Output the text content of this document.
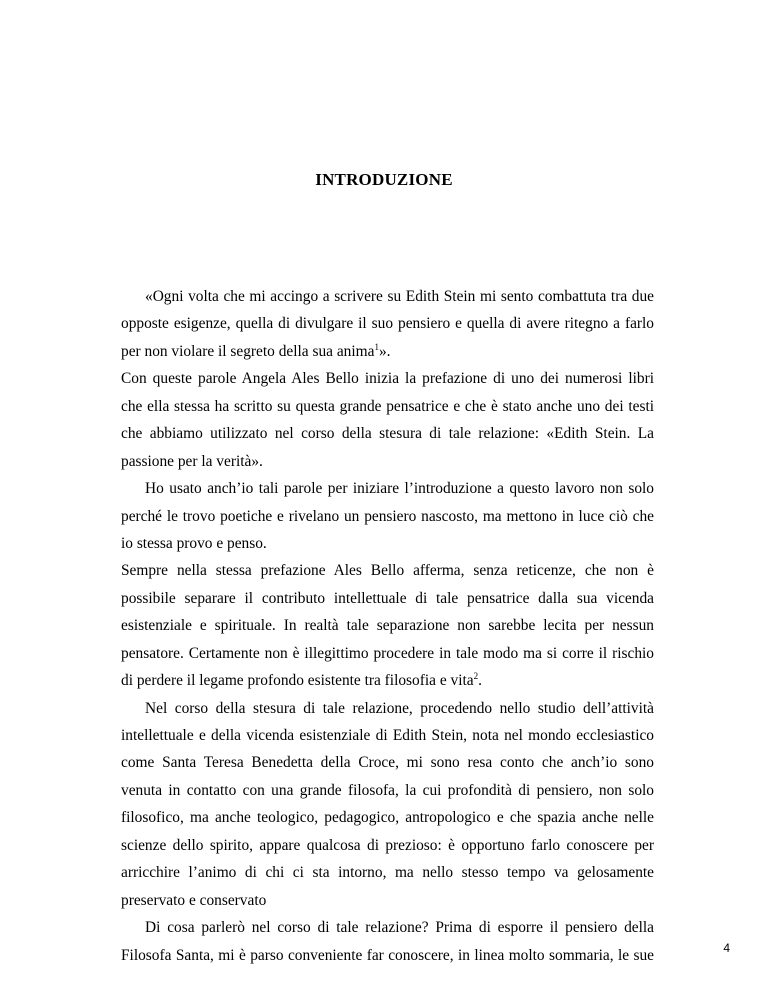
INTRODUZIONE
«Ogni volta che mi accingo a scrivere su Edith Stein mi sento combattuta tra due
opposte esigenze, quella di divulgare il suo pensiero e quella di avere ritegno a farlo
per non violare il segreto della sua anima$^1$».
Con queste parole Angela Ales Bello inizia la prefazione di uno dei numerosi libri
che ella stessa ha scritto su questa grande pensatrice e che è stato anche uno dei testi
che abbiamo utilizzato nel corso della stesura di tale relazione: «Edith Stein. La
passione per la verità».
Ho usato anch’io tali parole per iniziare l’introduzione a questo lavoro non solo
perché le trovo poetiche e rivelano un pensiero nascosto, ma mettono in luce ciò che
io stessa provo e penso.
Sempre nella stessa prefazione Ales Bello afferma, senza reticenze, che non è
possibile separare il contributo intellettuale di tale pensatrice dalla sua vicenda
esistenziale e spirituale. In realtà tale separazione non sarebbe lecita per nessun
pensatore. Certamente non è illegittimo procedere in tale modo ma si corre il rischio
di perdere il legame profondo esistente tra filosofia e vita$^2$.
Nel corso della stesura di tale relazione, procedendo nello studio dell’attività
intellettuale e della vicenda esistenziale di Edith Stein, nota nel mondo ecclesiastico
come Santa Teresa Benedetta della Croce, mi sono resa conto che anch’io sono
venuta in contatto con una grande filosofa, la cui profondità di pensiero, non solo
filosofico, ma anche teologico, pedagogico, antropologico e che spazia anche nelle
scienze dello spirito, appare qualcosa di prezioso: è opportuno farlo conoscere per
arricchire l’animo di chi ci sta intorno, ma nello stesso tempo va gelosamente
preservato e conservato
Di cosa parlerò nel corso di tale relazione? Prima di esporre il pensiero della
Filosofa Santa, mi è parso conveniente far conoscere, in linea molto sommaria, le sue	4
